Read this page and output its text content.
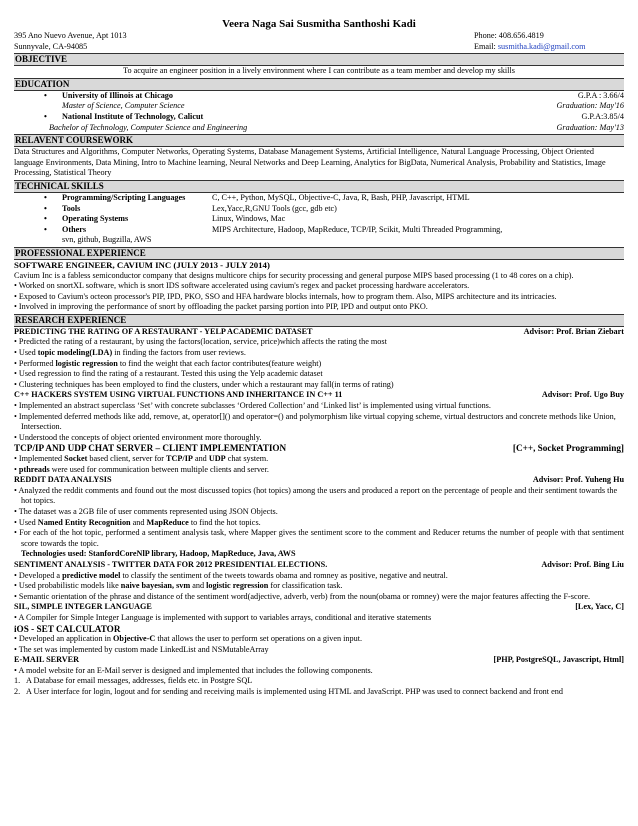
Veera Naga Sai Susmitha Santhoshi Kadi
395 Ano Nuevo Avenue, Apt 1013	Phone: 408.656.4819
Sunnyvale, CA-94085	Email: susmitha.kadi@gmail.com
OBJECTIVE
To acquire an engineer position in a lively environment where I can contribute as a team member and develop my skills
EDUCATION
• University of Illinois at Chicago	G.P.A : 3.66/4
Master of Science, Computer Science	Graduation: May'16
• National Institute of Technology, Calicut	G.P.A:3.85/4
Bachelor of Technology, Computer Science and Engineering	Graduation: May'13
RELAVENT COURSEWORK
Data Structures and Algorithms, Computer Networks, Operating Systems, Database Management Systems, Artificial Intelligence, Natural Language Processing, Object Oriented language Environments, Data Mining, Intro to Machine learning, Neural Networks and Deep Learning, Analytics for BigData, Numerical Analysis, Probability and Statistics, Image Processing, Statistical Theory
TECHNICAL SKILLS
• Programming/Scripting Languages	C, C++, Python, MySQL, Objective-C, Java, R, Bash, PHP, Javascript, HTML
• Tools	Lex,Yacc,R,GNU Tools (gcc, gdb etc)
• Operating Systems	Linux, Windows, Mac
• Others	MIPS Architecture, Hadoop, MapReduce, TCP/IP, Scikit, Multi Threaded Programming,
svn, github, Bugzilla, AWS
PROFESSIONAL EXPERIENCE
SOFTWARE ENGINEER, CAVIUM INC (JULY 2013 - JULY 2014)
Cavium Inc is a fabless semiconductor company that designs multicore chips for security processing and general purpose MIPS based processing (1 to 48 cores on a chip).
• Worked on snortXL software, which is snort IDS software accelerated using cavium's regex and packet processing hardware accelerators.
• Exposed to Cavium's octeon processor's PIP, IPD, PKO, SSO and HFA hardware blocks internals, how to program them. Also, MIPS architecture and its intricacies.
• Involved in improving the performance of snort by offloading the packet parsing portion into PIP, IPD and output onto PKO.
RESEARCH EXPERIENCE
PREDICTING THE RATING OF A RESTAURANT - YELP ACADEMIC DATASET	Advisor: Prof. Brian Ziebart
• Predicted the rating of a restaurant, by using the factors(location, service, price)which affects the rating the most
• Used topic modeling(LDA) in finding the factors from user reviews.
• Performed logistic regression to find the weight that each factor contributes(feature weight)
• Used regression to find the rating of a restaurant. Tested this using the Yelp academic dataset
• Clustering techniques has been employed to find the clusters, under which a restaurant may fall(in terms of rating)
C++ HACKERS SYSTEM USING VIRTUAL FUNCTIONS AND INHERITANCE IN C++ 11	Advisor: Prof. Ugo Buy
• Implemented an abstract superclass ‘Set’ with concrete subclasses ‘Ordered Collection’ and ‘Linked list’ is implemented using virtual functions.
• Implemented deferred methods like add, remove, at, operator[]() and operator=() and polymorphism like virtual copying scheme, virtual destructors and concrete methods like Union, Intersection.
• Understood the concepts of object oriented environment more thoroughly.
TCP/IP AND UDP CHAT SERVER – CLIENT IMPLEMENTATION	[C++, Socket Programming]
• Implemented Socket based client, server for TCP/IP and UDP chat system.
• pthreads were used for communication between multiple clients and server.
REDDIT DATA ANALYSIS	Advisor: Prof. Yuheng Hu
• Analyzed the reddit comments and found out the most discussed topics (hot topics) among the users and produced a report on the percentage of people and their sentiment towards the hot topics.
• The dataset was a 2GB file of user comments represented using JSON Objects.
• Used Named Entity Recognition and MapReduce to find the hot topics.
• For each of the hot topic, performed a sentiment analysis task, where Mapper gives the sentiment score to the comment and Reducer returns the number of people with that sentiment score towards the topic.
Technologies used: StanfordCoreNlP library, Hadoop, MapReduce, Java, AWS
SENTIMENT ANALYSIS - TWITTER DATA FOR 2012 PRESIDENTIAL ELECTIONS.	Advisor: Prof. Bing Liu
• Developed a predictive model to classify the sentiment of the tweets towards obama and romney as positive, negative and neutral.
• Used probabilistic models like naive bayesian, svm and logistic regression for classification task.
• Semantic orientation of the phrase and distance of the sentiment word(adjective, adverb, verb) from the noun(obama or romney) were the major features affecting the F-score.
SIL, SIMPLE INTEGER LANGUAGE	[Lex, Yacc, C]
• A Compiler for Simple Integer Language is implemented with support to variables arrays, conditional and iterative statements
iOS - SET CALCULATOR
• Developed an application in Objective-C that allows the user to perform set operations on a given input.
• The set was implemented by custom made LinkedList and NSMutableArray
E-MAIL SERVER	[PHP, PostgreSQL, Javascript, Html]
• A model website for an E-Mail server is designed and implemented that includes the following components.
1. A Database for email messages, addresses, fields etc. in Postgre SQL
2. A User interface for login, logout and for sending and receiving mails is implemented using HTML and JavaScript. PHP was used to connect backend and front end
